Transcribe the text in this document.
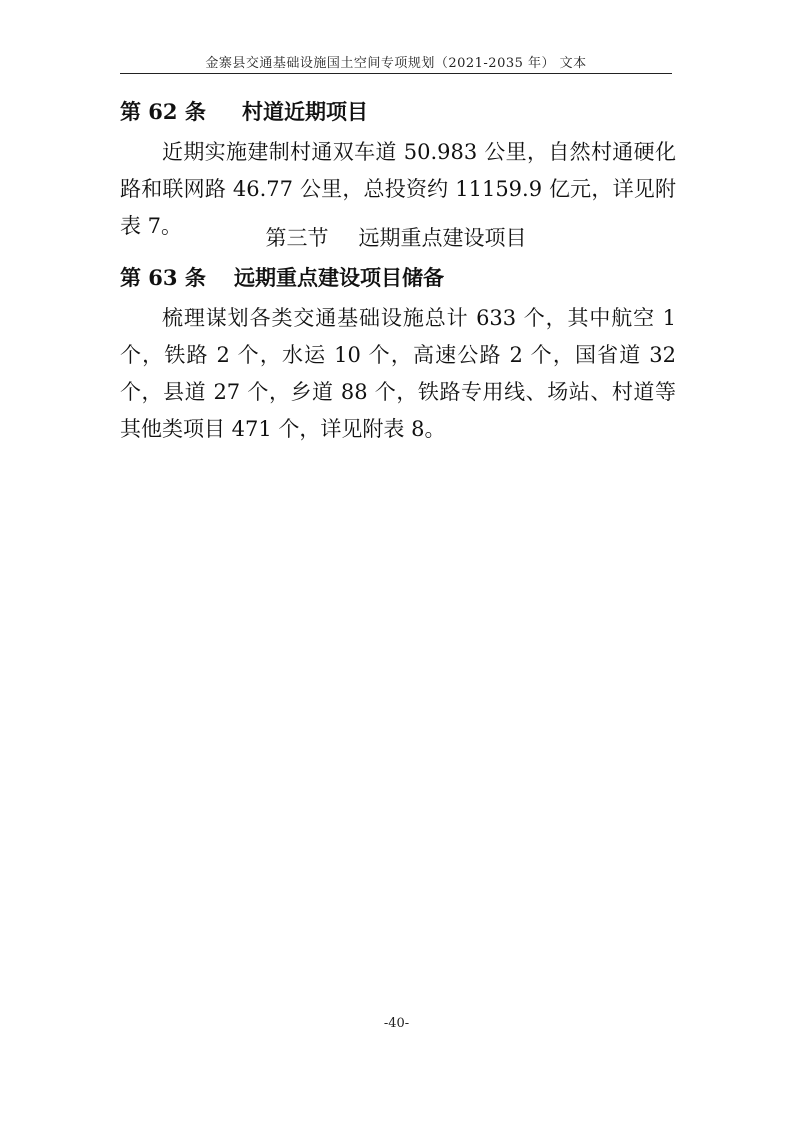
金寨县交通基础设施国土空间专项规划（2021-2035 年） 文本
第 62 条 村道近期项目

近期实施建制村通双车道 50.983 公里，自然村通硬化路和联网路 46.77 公里，总投资约 11159.9 亿元，详见附表 7。	第三节 远期重点建设项目
第 63 条 远期重点建设项目储备

梳理谋划各类交通基础设施总计 633 个，其中航空 1 个，铁路 2 个，水运 10 个，高速公路 2 个，国省道 32 个，县道 27 个，乡道 88 个，铁路专用线、场站、村道等其他类项目 471 个，详见附表 8。

-40-
